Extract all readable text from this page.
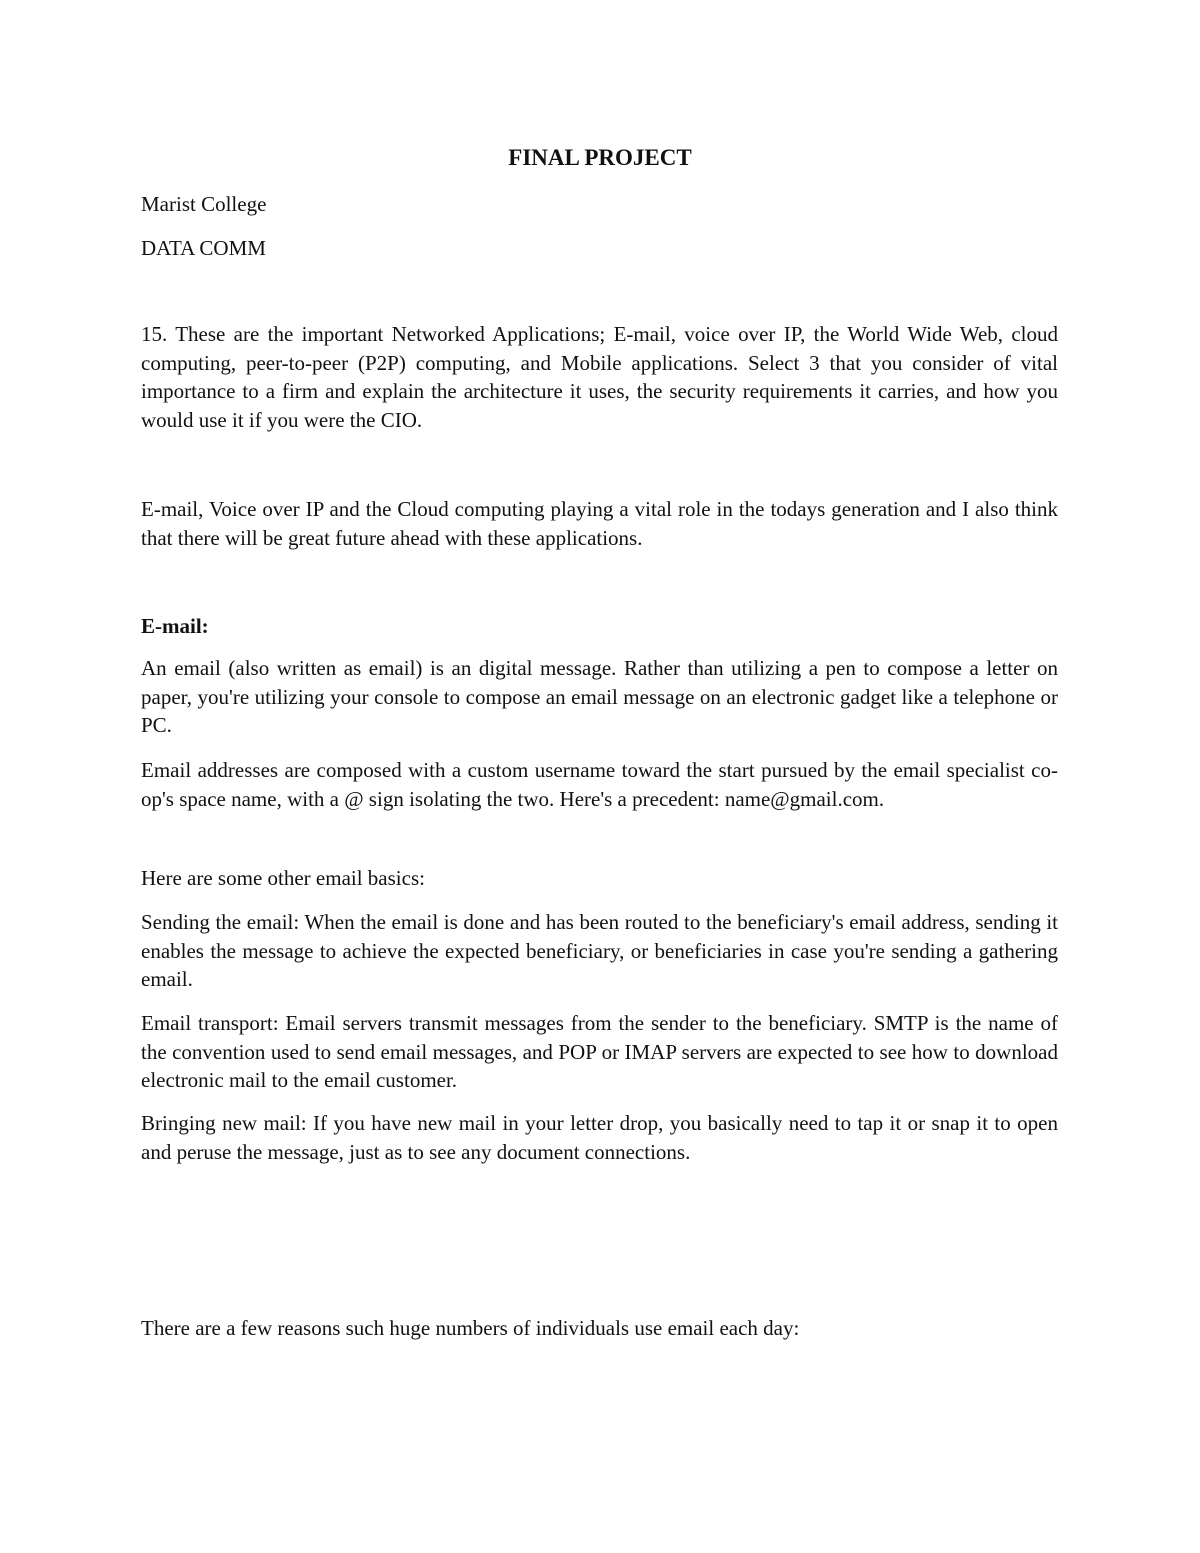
FINAL PROJECT

Marist College

DATA COMM

15. These are the important Networked Applications; E-mail, voice over IP, the World Wide Web, cloud computing, peer-to-peer (P2P) computing, and Mobile applications. Select 3 that you consider of vital importance to a firm and explain the architecture it uses, the security requirements it carries, and how you would use it if you were the CIO.

E-mail, Voice over IP and the Cloud computing playing a vital role in the todays generation and I also think that there will be great future ahead with these applications.

E-mail:

An email (also written as email) is an digital message. Rather than utilizing a pen to compose a letter on paper, you're utilizing your console to compose an email message on an electronic gadget like a telephone or PC.

Email addresses are composed with a custom username toward the start pursued by the email specialist co-op's space name, with a @ sign isolating the two. Here's a precedent: name@gmail.com.

Here are some other email basics:

Sending the email: When the email is done and has been routed to the beneficiary's email address, sending it enables the message to achieve the expected beneficiary, or beneficiaries in case you're sending a gathering email.

Email transport: Email servers transmit messages from the sender to the beneficiary. SMTP is the name of the convention used to send email messages, and POP or IMAP servers are expected to see how to download electronic mail to the email customer.

Bringing new mail: If you have new mail in your letter drop, you basically need to tap it or snap it to open and peruse the message, just as to see any document connections.

There are a few reasons such huge numbers of individuals use email each day:
